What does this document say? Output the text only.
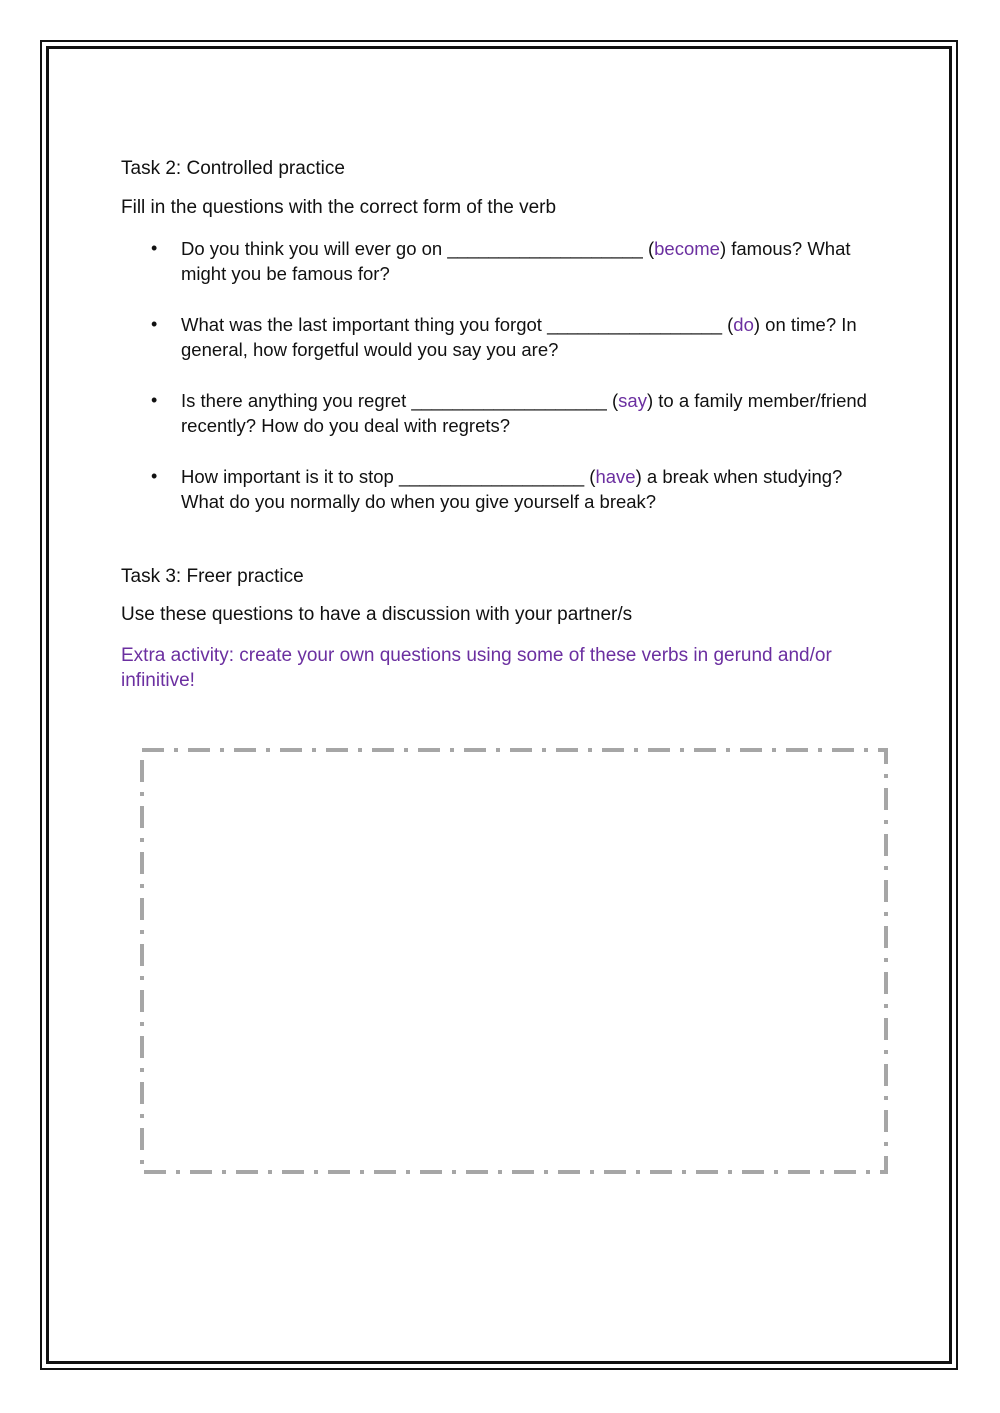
Task 2: Controlled practice
Fill in the questions with the correct form of the verb
•	Do you think you will ever go on ___________________ (become) famous? What might you be famous for?
•	What was the last important thing you forgot _________________ (do) on time? In general, how forgetful would you say you are?
•	Is there anything you regret ___________________ (say) to a family member/friend recently? How do you deal with regrets?
•	How important is it to stop __________________ (have) a break when studying? What do you normally do when you give yourself a break?
Task 3: Freer practice
Use these questions to have a discussion with your partner/s
Extra activity: create your own questions using some of these verbs in gerund and/or infinitive!
